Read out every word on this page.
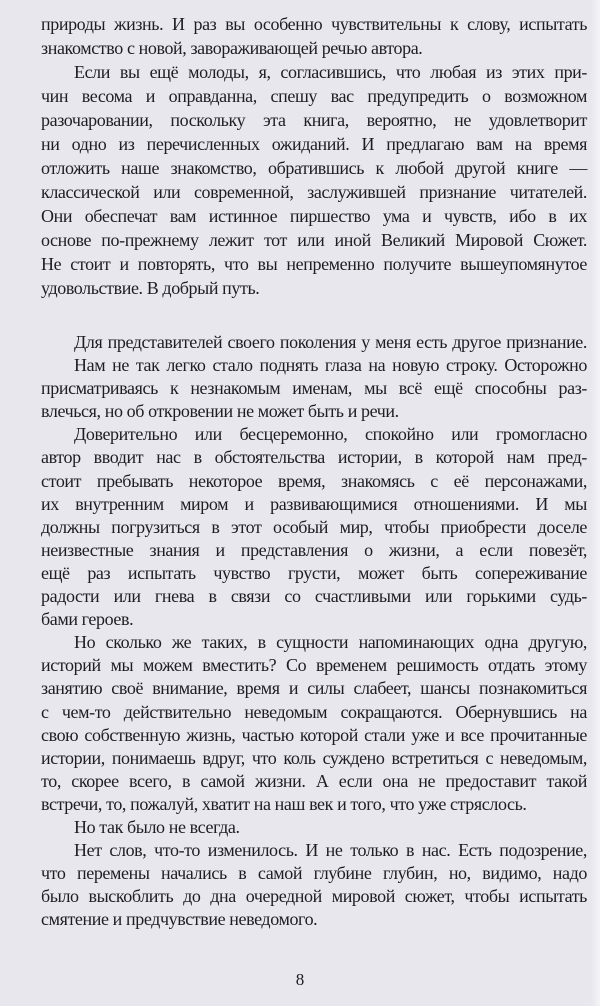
природы жизнь. И раз вы особенно чувствительны к слову, испытать
знакомство с новой, завораживающей речью автора.
Если вы ещё молоды, я, согласившись, что любая из этих при-
чин весома и оправданна, спешу вас предупредить о возможном
разочаровании, поскольку эта книга, вероятно, не удовлетворит
ни одно из перечисленных ожиданий. И предлагаю вам на время
отложить наше знакомство, обратившись к любой другой книге —
классической или современной, заслужившей признание читателей.
Они обеспечат вам истинное пиршество ума и чувств, ибо в их
основе по-прежнему лежит тот или иной Великий Мировой Сюжет.
Не стоит и повторять, что вы непременно получите вышеупомянутое
удовольствие. В добрый путь.
Для представителей своего поколения у меня есть другое признание.
Нам не так легко стало поднять глаза на новую строку. Осторожно
присматриваясь к незнакомым именам, мы всё ещё способны раз-
влечься, но об откровении не может быть и речи.
Доверительно или бесцеремонно, спокойно или громогласно
автор вводит нас в обстоятельства истории, в которой нам пред-
стоит пребывать некоторое время, знакомясь с её персонажами,
их внутренним миром и развивающимися отношениями. И мы
должны погрузиться в этот особый мир, чтобы приобрести доселе
неизвестные знания и представления о жизни, а если повезёт,
ещё раз испытать чувство грусти, может быть сопереживание
радости или гнева в связи со счастливыми или горькими судь-
бами героев.
Но сколько же таких, в сущности напоминающих одна другую,
историй мы можем вместить? Со временем решимость отдать этому
занятию своё внимание, время и силы слабеет, шансы познакомиться
с чем-то действительно неведомым сокращаются. Обернувшись на
свою собственную жизнь, частью которой стали уже и все прочитанные
истории, понимаешь вдруг, что коль суждено встретиться с неведомым,
то, скорее всего, в самой жизни. А если она не предоставит такой
встречи, то, пожалуй, хватит на наш век и того, что уже стряслось.
Но так было не всегда.
Нет слов, что-то изменилось. И не только в нас. Есть подозрение,
что перемены начались в самой глубине глубин, но, видимо, надо
было выскоблить до дна очередной мировой сюжет, чтобы испытать
смятение и предчувствие неведомого.
8
